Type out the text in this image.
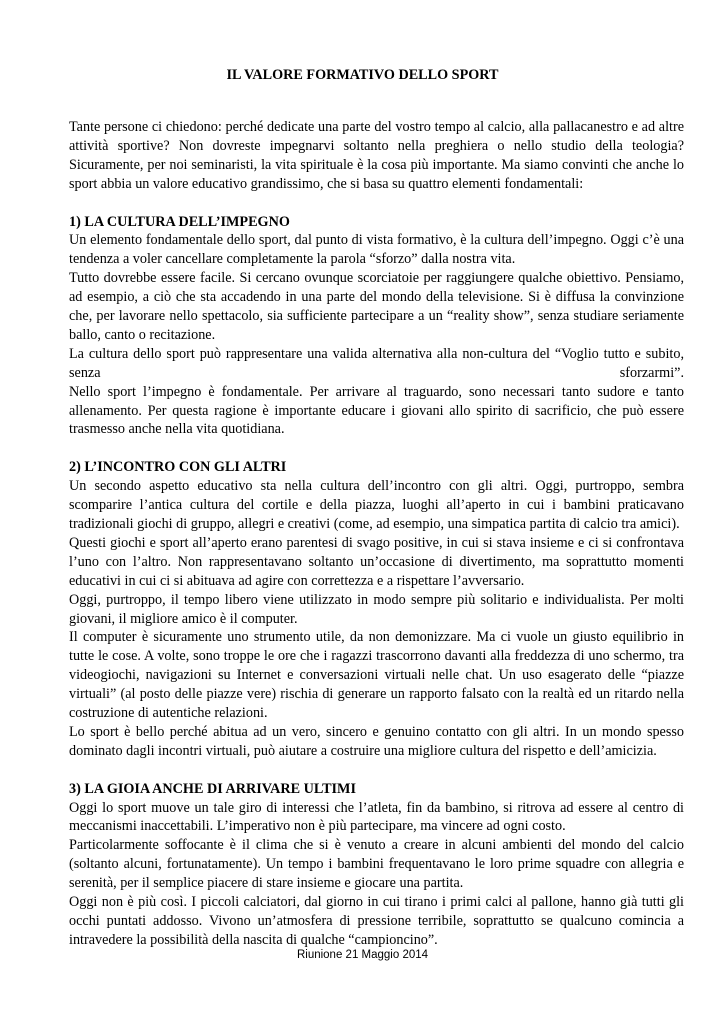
IL VALORE FORMATIVO DELLO SPORT

Tante persone ci chiedono: perché dedicate una parte del vostro tempo al calcio, alla pallacanestro e ad altre attività sportive? Non dovreste impegnarvi soltanto nella preghiera o nello studio della teologia? Sicuramente, per noi seminaristi, la vita spirituale è la cosa più importante. Ma siamo convinti che anche lo sport abbia un valore educativo grandissimo, che si basa su quattro elementi fondamentali:

1) LA CULTURA DELL’IMPEGNO

Un elemento fondamentale dello sport, dal punto di vista formativo, è la cultura dell’impegno. Oggi c’è una tendenza a voler cancellare completamente la parola “sforzo” dalla nostra vita.

Tutto dovrebbe essere facile. Si cercano ovunque scorciatoie per raggiungere qualche obiettivo. Pensiamo, ad esempio, a ciò che sta accadendo in una parte del mondo della televisione. Si è diffusa la convinzione che, per lavorare nello spettacolo, sia sufficiente partecipare a un “reality show”, senza studiare seriamente ballo, canto o recitazione.

La cultura dello sport può rappresentare una valida alternativa alla non-cultura del “Voglio tutto e subito, senza sforzarmi”.

Nello sport l’impegno è fondamentale. Per arrivare al traguardo, sono necessari tanto sudore e tanto allenamento. Per questa ragione è importante educare i giovani allo spirito di sacrificio, che può essere trasmesso anche nella vita quotidiana.

2) L’INCONTRO CON GLI ALTRI

Un secondo aspetto educativo sta nella cultura dell’incontro con gli altri. Oggi, purtroppo, sembra scomparire l’antica cultura del cortile e della piazza, luoghi all’aperto in cui i bambini praticavano tradizionali giochi di gruppo, allegri e creativi (come, ad esempio, una simpatica partita di calcio tra amici).

Questi giochi e sport all’aperto erano parentesi di svago positive, in cui si stava insieme e ci si confrontava l’uno con l’altro. Non rappresentavano soltanto un’occasione di divertimento, ma soprattutto momenti educativi in cui ci si abituava ad agire con correttezza e a rispettare l’avversario.

Oggi, purtroppo, il tempo libero viene utilizzato in modo sempre più solitario e individualista. Per molti giovani, il migliore amico è il computer.

Il computer è sicuramente uno strumento utile, da non demonizzare. Ma ci vuole un giusto equilibrio in tutte le cose. A volte, sono troppe le ore che i ragazzi trascorrono davanti alla freddezza di uno schermo, tra videogiochi, navigazioni su Internet e conversazioni virtuali nelle chat. Un uso esagerato delle “piazze virtuali” (al posto delle piazze vere) rischia di generare un rapporto falsato con la realtà ed un ritardo nella costruzione di autentiche relazioni.

Lo sport è bello perché abitua ad un vero, sincero e genuino contatto con gli altri. In un mondo spesso dominato dagli incontri virtuali, può aiutare a costruire una migliore cultura del rispetto e dell’amicizia.

3) LA GIOIA ANCHE DI ARRIVARE ULTIMI

Oggi lo sport muove un tale giro di interessi che l’atleta, fin da bambino, si ritrova ad essere al centro di meccanismi inaccettabili. L’imperativo non è più partecipare, ma vincere ad ogni costo.

Particolarmente soffocante è il clima che si è venuto a creare in alcuni ambienti del mondo del calcio (soltanto alcuni, fortunatamente). Un tempo i bambini frequentavano le loro prime squadre con allegria e serenità, per il semplice piacere di stare insieme e giocare una partita.

Oggi non è più così. I piccoli calciatori, dal giorno in cui tirano i primi calci al pallone, hanno già tutti gli occhi puntati addosso. Vivono un’atmosfera di pressione terribile, soprattutto se qualcuno comincia a intravedere la possibilità della nascita di qualche “campioncino”.

Riunione 21 Maggio 2014
